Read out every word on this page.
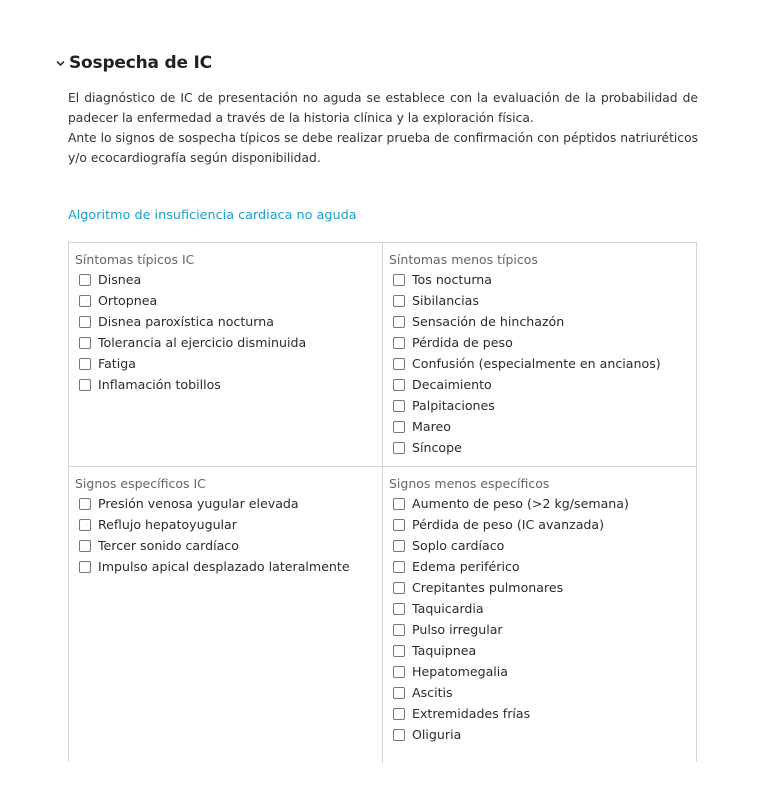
Sospecha de IC

El diagnóstico de IC de presentación no aguda se establece con la evaluación de la probabilidad de padecer la enfermedad a través de la historia clínica y la exploración física.

Ante lo signos de sospecha típicos se debe realizar prueba de confirmación con péptidos natriuréticos y/o ecocardiografía según disponibilidad.

Algoritmo de insuficiencia cardiaca no aguda
Síntomas típicos IC
Disnea
Ortopnea
Disnea paroxística nocturna
Tolerancia al ejercicio disminuida
Fatiga
Inflamación tobillos
Síntomas menos típicos
Tos nocturna
Sibilancias
Sensación de hinchazón
Pérdida de peso
Confusión (especialmente en ancianos)
Decaimiento
Palpitaciones
Mareo
Síncope
Signos específicos IC
Presión venosa yugular elevada
Reflujo hepatoyugular
Tercer sonido cardíaco
Impulso apical desplazado lateralmente
Signos menos específicos
Aumento de peso (>2 kg/semana)
Pérdida de peso (IC avanzada)
Soplo cardíaco
Edema periférico
Crepitantes pulmonares
Taquicardia
Pulso irregular
Taquipnea
Hepatomegalia
Ascitis
Extremidades frías
Oliguria
